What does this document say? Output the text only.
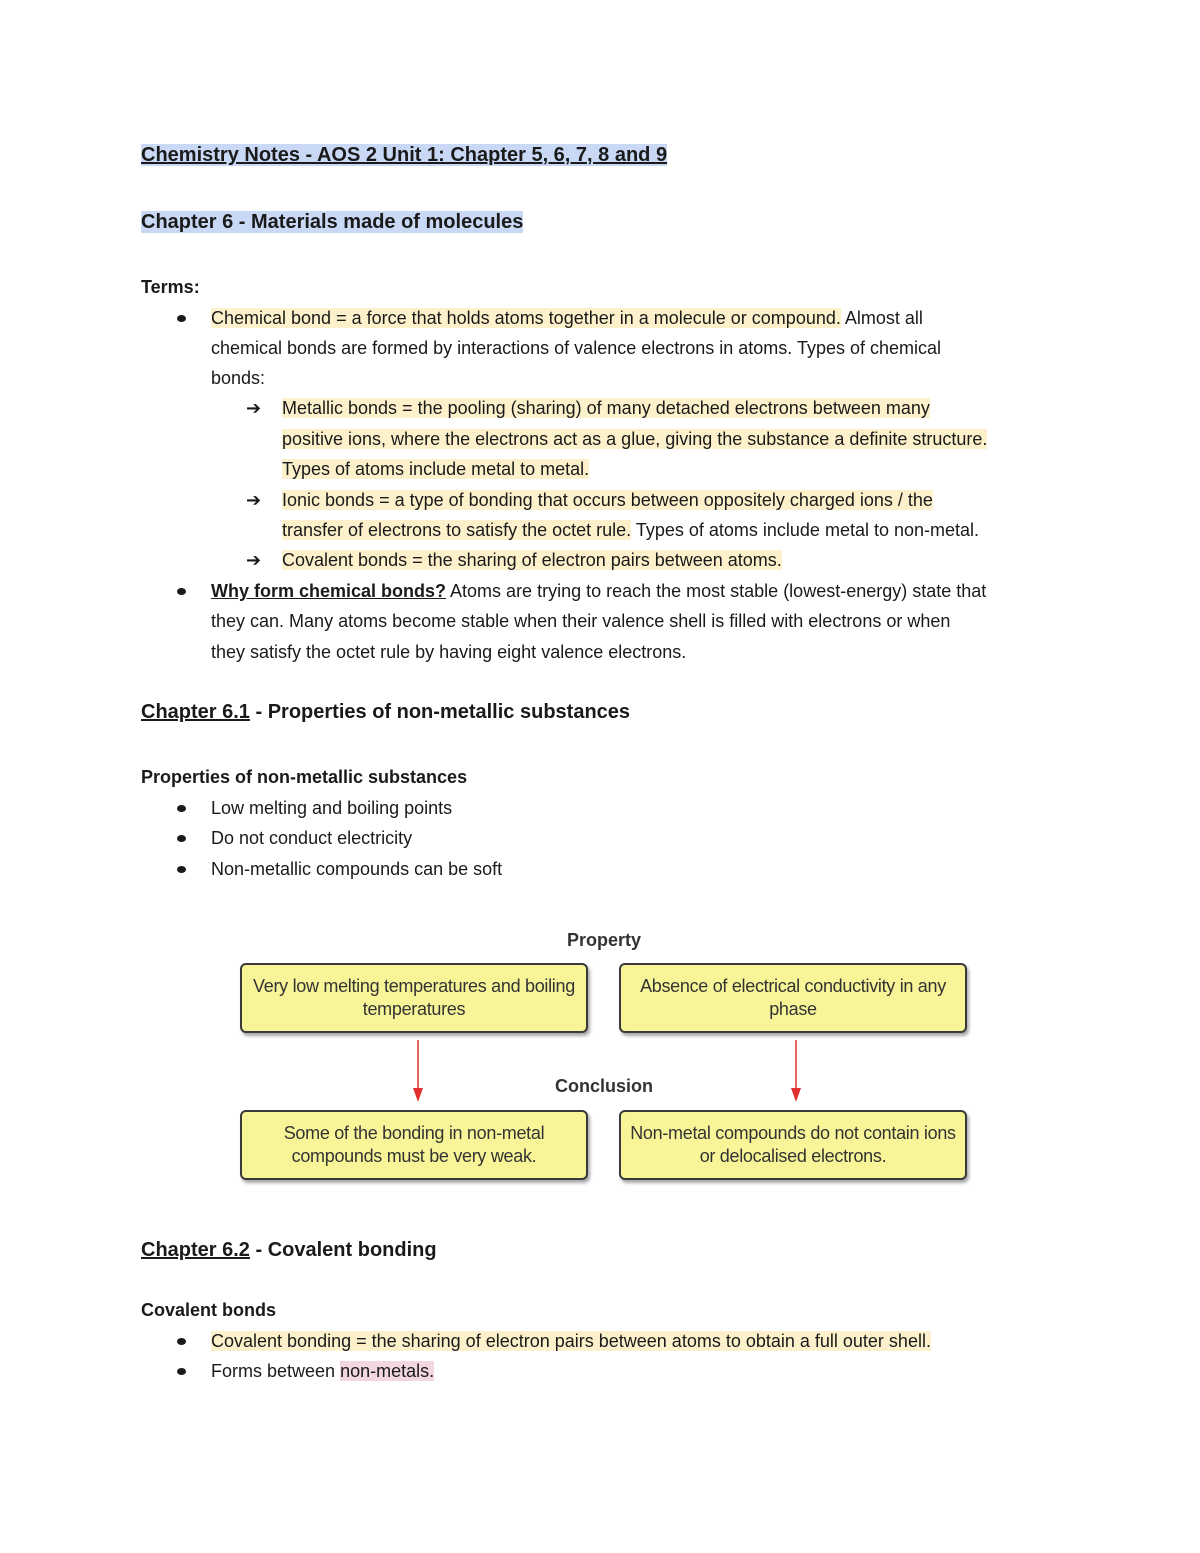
Chemistry Notes - AOS 2 Unit 1: Chapter 5, 6, 7, 8 and 9
Chapter 6 - Materials made of molecules
Terms:
Chemical bond = a force that holds atoms together in a molecule or compound. Almost all
chemical bonds are formed by interactions of valence electrons in atoms. Types of chemical
bonds:
➔ Metallic bonds = the pooling (sharing) of many detached electrons between many
positive ions, where the electrons act as a glue, giving the substance a definite structure.
Types of atoms include metal to metal.
➔ Ionic bonds = a type of bonding that occurs between oppositely charged ions / the
transfer of electrons to satisfy the octet rule. Types of atoms include metal to non-metal.
➔ Covalent bonds = the sharing of electron pairs between atoms.
Why form chemical bonds? Atoms are trying to reach the most stable (lowest-energy) state that
they can. Many atoms become stable when their valence shell is filled with electrons or when
they satisfy the octet rule by having eight valence electrons.
Chapter 6.1 - Properties of non-metallic substances
Properties of non-metallic substances
Low melting and boiling points
Do not conduct electricity
Non-metallic compounds can be soft
Property
Very low melting temperatures and boiling temperatures
Absence of electrical conductivity in any phase
Conclusion
Some of the bonding in non-metal compounds must be very weak.
Non-metal compounds do not contain ions or delocalised electrons.
Chapter 6.2 - Covalent bonding
Covalent bonds
Covalent bonding = the sharing of electron pairs between atoms to obtain a full outer shell.
Forms between non-metals.
